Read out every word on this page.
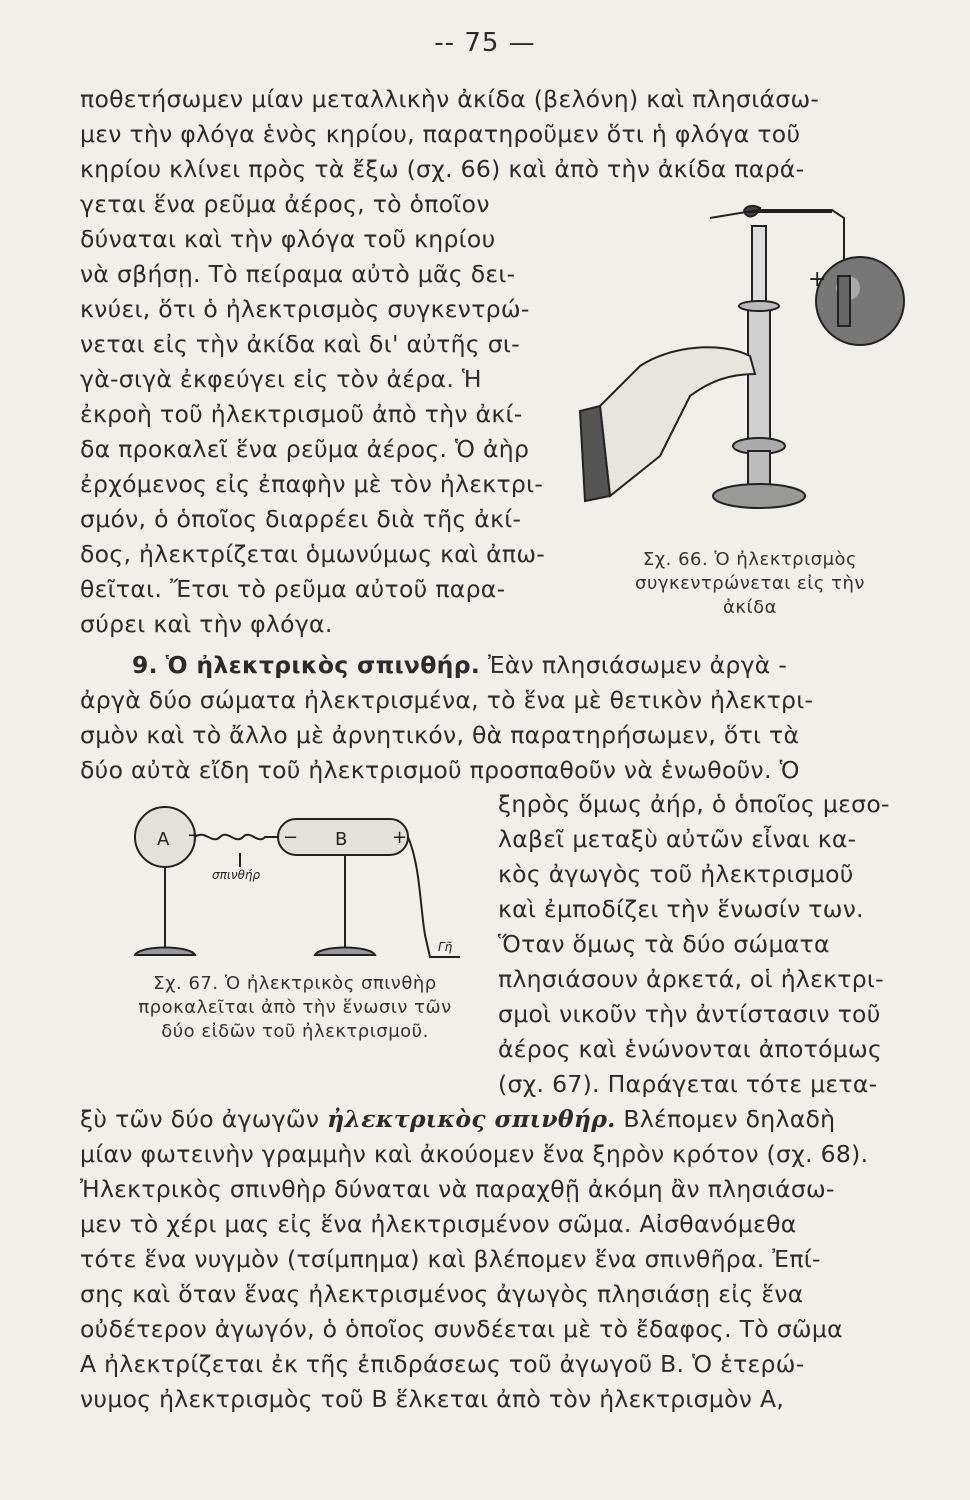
-- 75 —
ποθετήσωμεν μίαν μεταλλικὴν ἀκίδα (βελόνη) καὶ πλησιάσω-
μεν τὴν φλόγα ἑνὸς κηρίου, παρατηροῦμεν ὅτι ἡ φλόγα τοῦ
κηρίου κλίνει πρὸς τὰ ἔξω (σχ. 66) καὶ ἀπὸ τὴν ἀκίδα παρά-
γεται ἕνα ρεῦμα ἀέρος, τὸ ὁποῖον
δύναται καὶ τὴν φλόγα τοῦ κηρίου
νὰ σβήσῃ. Τὸ πείραμα αὐτὸ μᾶς δει-
κνύει, ὅτι ὁ ἠλεκτρισμὸς συγκεντρώ-
νεται εἰς τὴν ἀκίδα καὶ δι' αὐτῆς σι-
γὰ-σιγὰ ἐκφεύγει εἰς τὸν ἀέρα. Ἡ
ἐκροὴ τοῦ ἠλεκτρισμοῦ ἀπὸ τὴν ἀκί-
δα προκαλεῖ ἕνα ρεῦμα ἀέρος. Ὁ ἀὴρ
ἐρχόμενος εἰς ἐπαφὴν μὲ τὸν ἠλεκτρι-
σμόν, ὁ ὁποῖος διαρρέει διὰ τῆς ἀκί-
δος, ἠλεκτρίζεται ὁμωνύμως καὶ ἀπω-
θεῖται. Ἔτσι τὸ ρεῦμα αὐτοῦ παρα-
σύρει καὶ τὴν φλόγα.
+
Σχ. 66. Ὁ ἠλεκτρισμὸς
συγκεντρώνεται εἰς τὴν
ἀκίδα
9. Ὁ ἠλεκτρικὸς σπινθήρ. Ἐὰν πλησιάσωμεν ἀργὰ -
ἀργὰ δύο σώματα ἠλεκτρισμένα, τὸ ἕνα μὲ θετικὸν ἠλεκτρι-
σμὸν καὶ τὸ ἄλλο μὲ ἀρνητικόν, θὰ παρατηρήσωμεν, ὅτι τὰ
δύο αὐτὰ εἴδη τοῦ ἠλεκτρισμοῦ προσπαθοῦν νὰ ἑνωθοῦν. Ὁ
ξηρὸς ὅμως ἀήρ, ὁ ὁποῖος μεσο-
λαβεῖ μεταξὺ αὐτῶν εἶναι κα-
κὸς ἀγωγὸς τοῦ ἠλεκτρισμοῦ
καὶ ἐμποδίζει τὴν ἕνωσίν των.
Ὅταν ὅμως τὰ δύο σώματα
πλησιάσουν ἀρκετά, οἱ ἠλεκτρι-
σμοὶ νικοῦν τὴν ἀντίστασιν τοῦ
ἀέρος καὶ ἑνώνονται ἀποτόμως
(σχ. 67). Παράγεται τότε μετα-
Α +	− Β +
σπινθήρ
Γῆ
Σχ. 67. Ὁ ἠλεκτρικὸς σπινθὴρ
προκαλεῖται ἀπὸ τὴν ἕνωσιν τῶν
δύο εἰδῶν τοῦ ἠλεκτρισμοῦ.
ξὺ τῶν δύο ἀγωγῶν ἠλεκτρικὸς σπινθήρ. Βλέπομεν δηλαδὴ
μίαν φωτεινὴν γραμμὴν καὶ ἀκούομεν ἕνα ξηρὸν κρότον (σχ. 68).
Ἠλεκτρικὸς σπινθὴρ δύναται νὰ παραχθῇ ἀκόμη ἂν πλησιάσω-
μεν τὸ χέρι μας εἰς ἕνα ἠλεκτρισμένον σῶμα. Αἰσθανόμεθα
τότε ἕνα νυγμὸν (τσίμπημα) καὶ βλέπομεν ἕνα σπινθῆρα. Ἐπί-
σης καὶ ὅταν ἕνας ἠλεκτρισμένος ἀγωγὸς πλησιάσῃ εἰς ἕνα
οὐδέτερον ἀγωγόν, ὁ ὁποῖος συνδέεται μὲ τὸ ἔδαφος. Τὸ σῶμα
Α ἠλεκτρίζεται ἐκ τῆς ἐπιδράσεως τοῦ ἀγωγοῦ Β. Ὁ ἑτερώ-
νυμος ἠλεκτρισμὸς τοῦ Β ἕλκεται ἀπὸ τὸν ἠλεκτρισμὸν Α,
